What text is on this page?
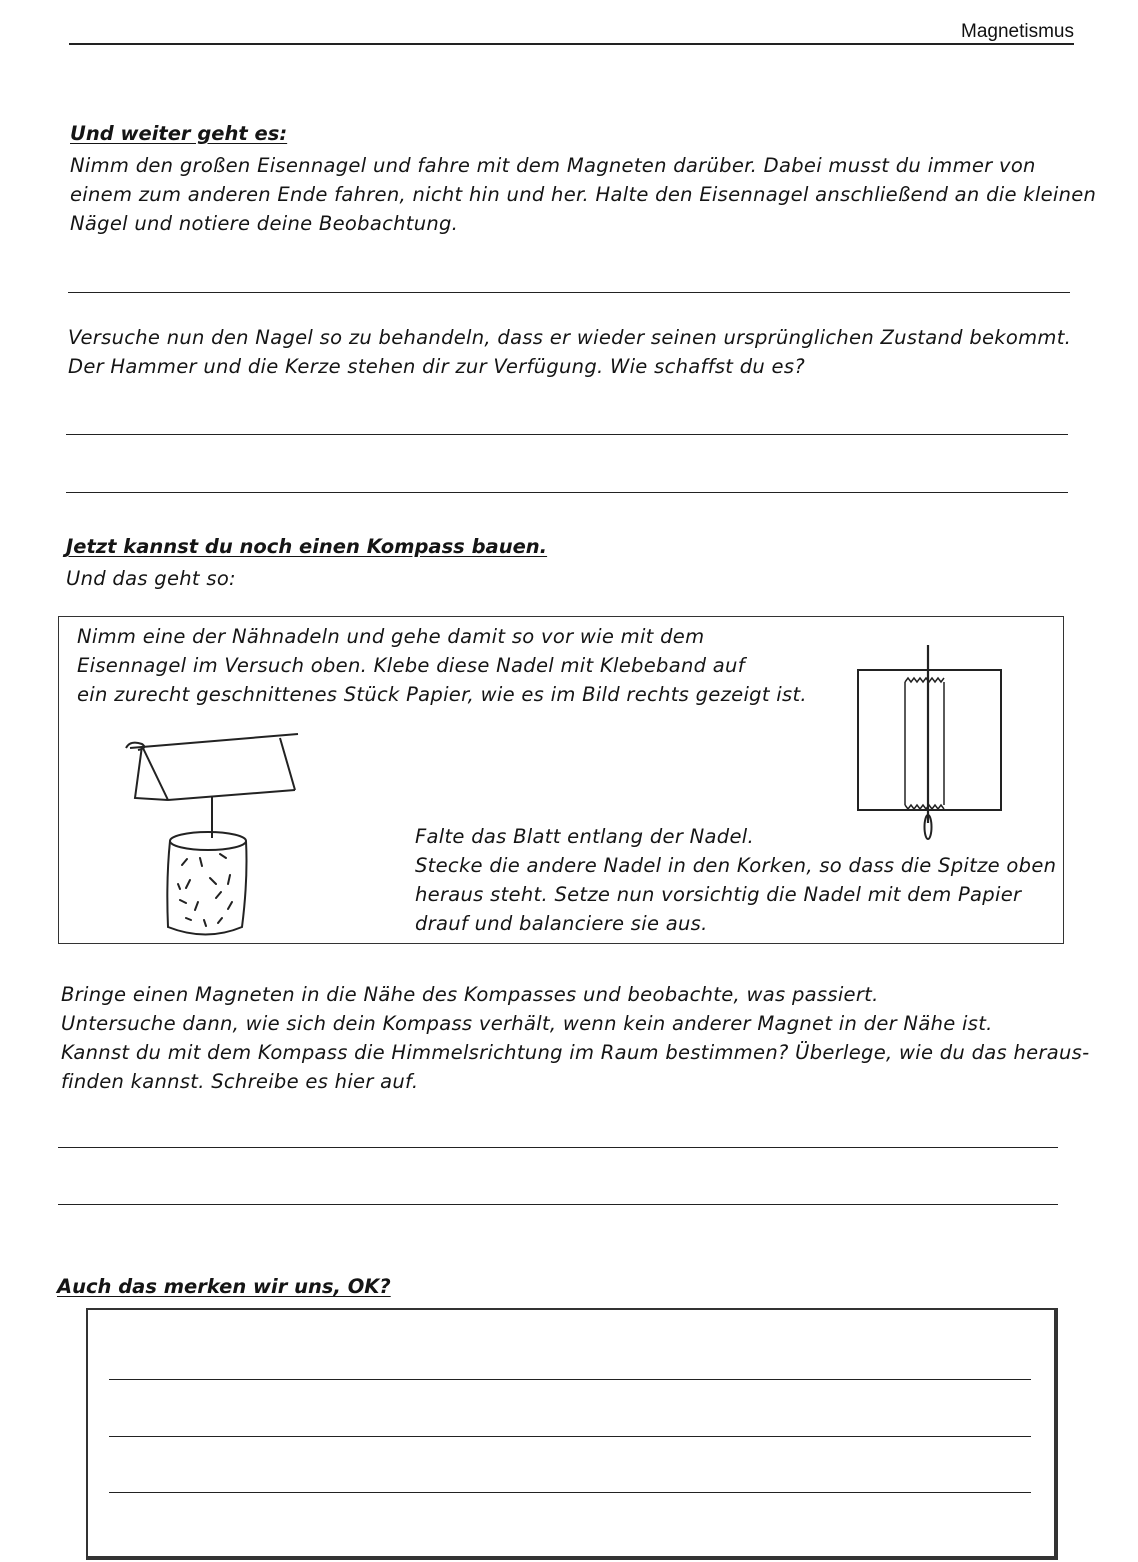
Magnetismus
Und weiter geht es:
Nimm den großen Eisennagel und fahre mit dem Magneten darüber. Dabei musst du immer von
einem zum anderen Ende fahren, nicht hin und her. Halte den Eisennagel anschließend an die kleinen
Nägel und notiere deine Beobachtung.
Versuche nun den Nagel so zu behandeln, dass er wieder seinen ursprünglichen Zustand bekommt.
Der Hammer und die Kerze stehen dir zur Verfügung. Wie schaffst du es?
Jetzt kannst du noch einen Kompass bauen.
Und das geht so:
Nimm eine der Nähnadeln und gehe damit so vor wie mit dem
Eisennagel im Versuch oben. Klebe diese Nadel mit Klebeband auf
ein zurecht geschnittenes Stück Papier, wie es im Bild rechts gezeigt ist.
Falte das Blatt entlang der Nadel.
Stecke die andere Nadel in den Korken, so dass die Spitze oben
heraus steht. Setze nun vorsichtig die Nadel mit dem Papier
drauf und balanciere sie aus.
Bringe einen Magneten in die Nähe des Kompasses und beobachte, was passiert.
Untersuche dann, wie sich dein Kompass verhält, wenn kein anderer Magnet in der Nähe ist.
Kannst du mit dem Kompass die Himmelsrichtung im Raum bestimmen? Überlege, wie du das heraus-
finden kannst. Schreibe es hier auf.
Auch das merken wir uns, OK?
